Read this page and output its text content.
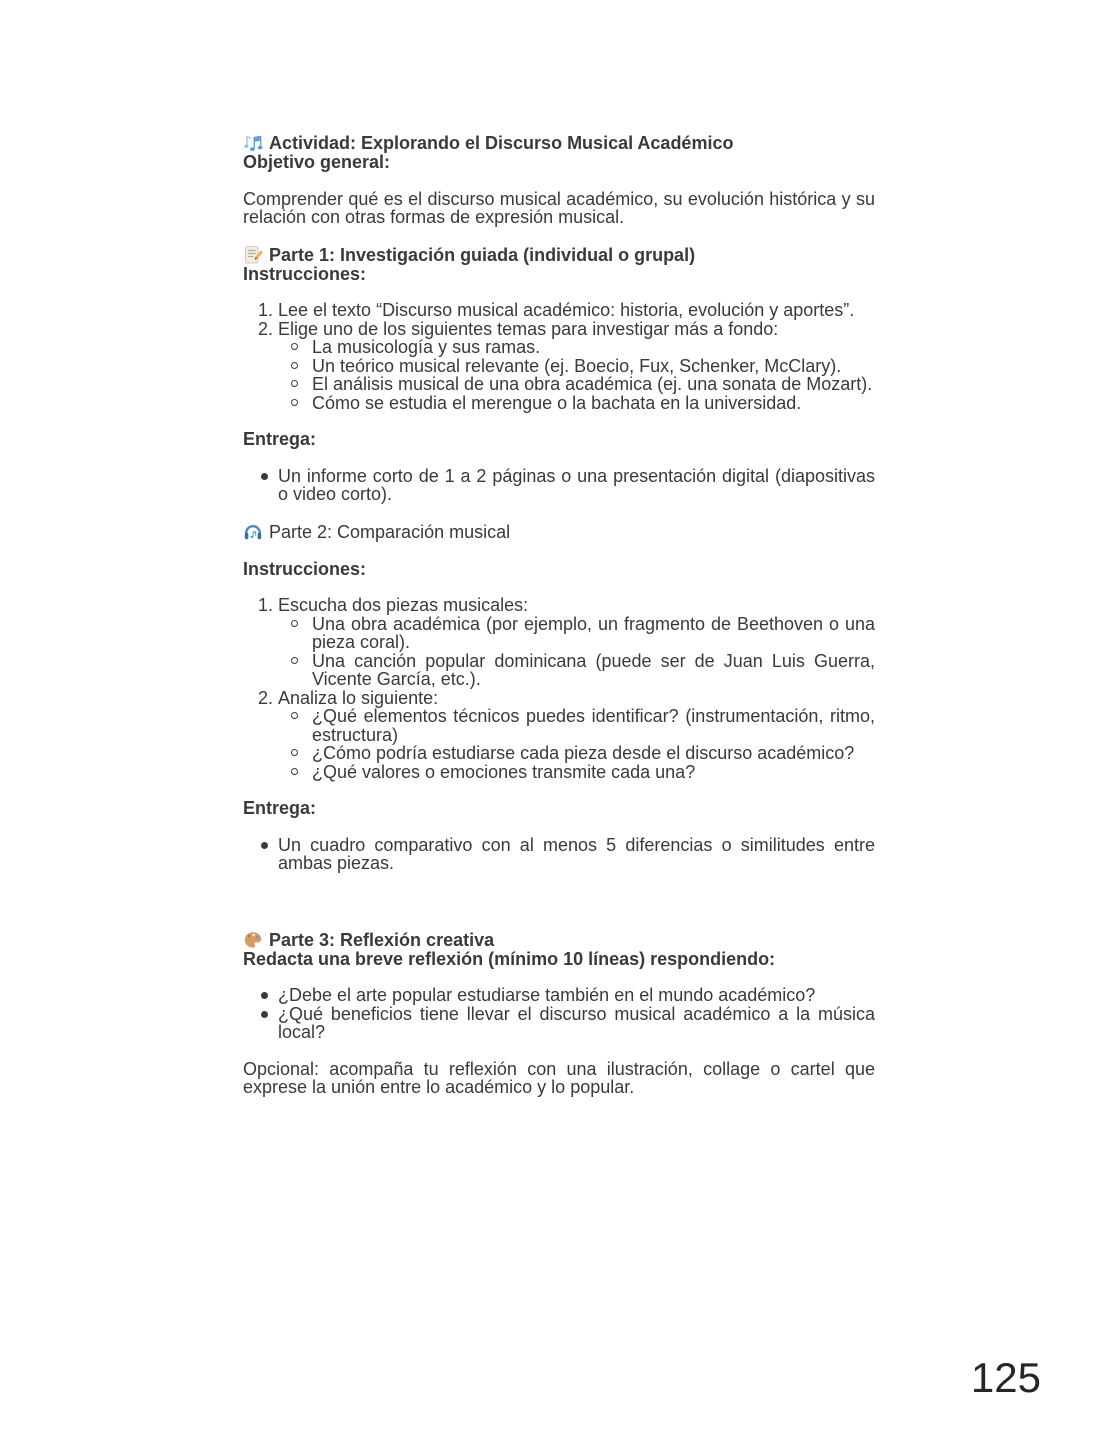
Actividad: Explorando el Discurso Musical Académico
Objetivo general:

Comprender qué es el discurso musical académico, su evolución histórica y su relación con otras formas de expresión musical.

Parte 1: Investigación guiada (individual o grupal)
Instrucciones:
Lee el texto “Discurso musical académico: historia, evolución y aportes”.
Elige uno de los siguientes temas para investigar más a fondo:
La musicología y sus ramas.
Un teórico musical relevante (ej. Boecio, Fux, Schenker, McClary).
El análisis musical de una obra académica (ej. una sonata de Mozart).
Cómo se estudia el merengue o la bachata en la universidad.
Entrega:
Un informe corto de 1 a 2 páginas o una presentación digital (diapositivas o video corto).
Parte 2: Comparación musical
Instrucciones:
Escucha dos piezas musicales:
Una obra académica (por ejemplo, un fragmento de Beethoven o una pieza coral).
Una canción popular dominicana (puede ser de Juan Luis Guerra, Vicente García, etc.).
Analiza lo siguiente:
¿Qué elementos técnicos puedes identificar? (instrumentación, ritmo, estructura)
¿Cómo podría estudiarse cada pieza desde el discurso académico?
¿Qué valores o emociones transmite cada una?
Entrega:
Un cuadro comparativo con al menos 5 diferencias o similitudes entre ambas piezas.
Parte 3: Reflexión creativa
Redacta una breve reflexión (mínimo 10 líneas) respondiendo:
¿Debe el arte popular estudiarse también en el mundo académico?
¿Qué beneficios tiene llevar el discurso musical académico a la música local?

Opcional: acompaña tu reflexión con una ilustración, collage o cartel que exprese la unión entre lo académico y lo popular.

125
